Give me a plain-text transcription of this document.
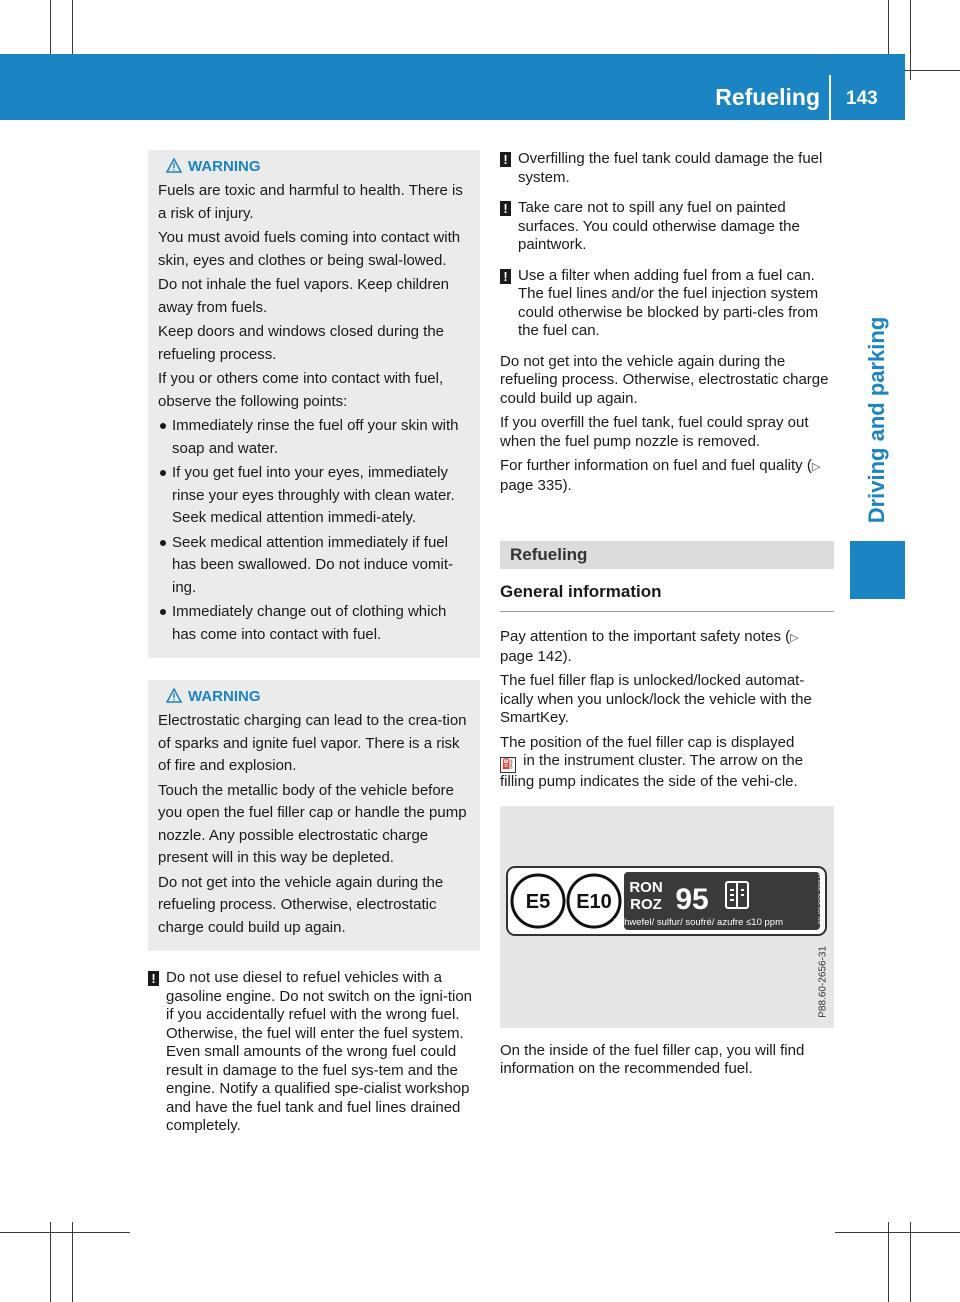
Refueling 143
Driving and parking
WARNING

Fuels are toxic and harmful to health. There is a risk of injury.

You must avoid fuels coming into contact with skin, eyes and clothes or being swal-lowed.

Do not inhale the fuel vapors. Keep children away from fuels.

Keep doors and windows closed during the refueling process.

If you or others come into contact with fuel, observe the following points:

Immediately rinse the fuel off your skin with soap and water.
If you get fuel into your eyes, immediately rinse your eyes throughly with clean water. Seek medical attention immedi-ately.
Seek medical attention immediately if fuel has been swallowed. Do not induce vomit-ing.
Immediately change out of clothing which has come into contact with fuel.
WARNING

Electrostatic charging can lead to the crea-tion of sparks and ignite fuel vapor. There is a risk of fire and explosion.

Touch the metallic body of the vehicle before you open the fuel filler cap or handle the pump nozzle. Any possible electrostatic charge present will in this way be depleted.

Do not get into the vehicle again during the refueling process. Otherwise, electrostatic charge could build up again.

! Do not use diesel to refuel vehicles with a gasoline engine. Do not switch on the igni-tion if you accidentally refuel with the wrong fuel. Otherwise, the fuel will enter the fuel system. Even small amounts of the wrong fuel could result in damage to the fuel sys-tem and the engine. Notify a qualified spe-cialist workshop and have the fuel tank and fuel lines drained completely.
! Overfilling the fuel tank could damage the fuel system.
! Take care not to spill any fuel on painted surfaces. You could otherwise damage the paintwork.
! Use a filter when adding fuel from a fuel can. The fuel lines and/or the fuel injection system could otherwise be blocked by parti-cles from the fuel can.

Do not get into the vehicle again during the refueling process. Otherwise, electrostatic charge could build up again.

If you overfill the fuel tank, fuel could spray out when the fuel pump nozzle is removed.

For further information on fuel and fuel quality (▷ page 335).

Refueling
General information

Pay attention to the important safety notes (▷ page 142).

The fuel filler flap is unlocked/locked automat-ically when you unlock/lock the vehicle with the SmartKey.

The position of the fuel filler cap is displayed
⛽ in the instrument cluster. The arrow on the filling pump indicates the side of the vehi-cle.

E5 E10
RON
ROZ 95
Schwefel/ sulfur/ soufré/ azufre ≤10 ppm	A XXX XXX XX XX
P88.60-2656-31

On the inside of the fuel filler cap, you will find information on the recommended fuel.
